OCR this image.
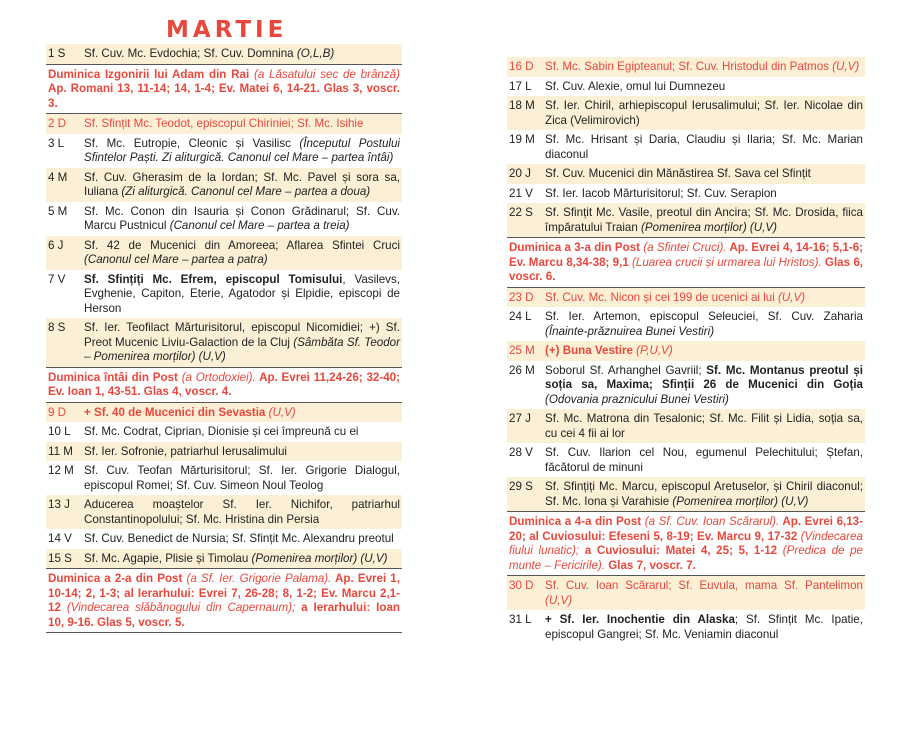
MARTIE
1 S	Sf. Cuv. Mc. Evdochia; Sf. Cuv. Domnina (O,L,B)
Duminica Izgonirii lui Adam din Rai (a Lăsatului sec de brânză) Ap. Romani 13, 11-14; 14, 1-4; Ev. Matei 6, 14-21. Glas 3, voscr. 3.
2 D	Sf. Sfințit Mc. Teodot, episcopul Chiriniei; Sf. Mc. Isihie
3 L	Sf. Mc. Eutropie, Cleonic și Vasilisc (Începutul Postului Sfintelor Paști. Zi aliturgică. Canonul cel Mare – partea întâi)
4 M	Sf. Cuv. Gherasim de la Iordan; Sf. Mc. Pavel și sora sa, Iuliana (Zi aliturgică. Canonul cel Mare – partea a doua)
5 M	Sf. Mc. Conon din Isauria și Conon Grădinarul; Sf. Cuv. Marcu Pustnicul (Canonul cel Mare – partea a treia)
6 J	Sf. 42 de Mucenici din Amoreea; Aflarea Sfintei Cruci (Canonul cel Mare – partea a patra)
7 V	Sf. Sfințiți Mc. Efrem, episcopul Tomisului, Vasilevs, Evghenie, Capiton, Eterie, Agatodor și Elpidie, episcopi de Herson
8 S	Sf. Ier. Teofilact Mărturisitorul, episcopul Nicomidiei; +) Sf. Preot Mucenic Liviu-Galaction de la Cluj (Sâmbăta Sf. Teodor – Pomenirea morților) (U,V)
Duminica întâi din Post (a Ortodoxiei). Ap. Evrei 11,24-26; 32-40; Ev. Ioan 1, 43-51. Glas 4, voscr. 4.
9 D	+ Sf. 40 de Mucenici din Sevastia (U,V)
10 L	Sf. Mc. Codrat, Ciprian, Dionisie și cei împreună cu ei
11 M Sf. Ier. Sofronie, patriarhul Ierusalimului
12 M Sf. Cuv. Teofan Mărturisitorul; Sf. Ier. Grigorie Dialogul, episcopul Romei; Sf. Cuv. Simeon Noul Teolog
13 J	Aducerea moaștelor Sf. Ier. Nichifor, patriarhul Constantinopolului; Sf. Mc. Hristina din Persia
14 V	Sf. Cuv. Benedict de Nursia; Sf. Sfințit Mc. Alexandru preotul
15 S	Sf. Mc. Agapie, Plisie și Timolau (Pomenirea morților) (U,V)
Duminica a 2-a din Post (a Sf. Ier. Grigorie Palama). Ap. Evrei 1, 10-14; 2, 1-3; al Ierarhului: Evrei 7, 26-28; 8, 1-2; Ev. Marcu 2,1-12 (Vindecarea slăbănogului din Capernaum); a Ierarhului: Ioan 10, 9-16. Glas 5, voscr. 5.
16 D Sf. Mc. Sabin Egipteanul; Sf. Cuv. Hristodul din Patmos (U,V)
17 L	Sf. Cuv. Alexie, omul lui Dumnezeu
18 M Sf. Ier. Chiril, arhiepiscopul Ierusalimului; Sf. Ier. Nicolae din Zica (Velimirovich)
19 M Sf. Mc. Hrisant și Daria, Claudiu și Ilaria; Sf. Mc. Marian diaconul
20 J	Sf. Cuv. Mucenici din Mănăstirea Sf. Sava cel Sfințit
21 V	Sf. Ier. Iacob Mărturisitorul; Sf. Cuv. Serapion
22 S	Sf. Sfințit Mc. Vasile, preotul din Ancira; Sf. Mc. Drosida, fiica împăratului Traian (Pomenirea morților) (U,V)
Duminica a 3-a din Post (a Sfintei Cruci). Ap. Evrei 4, 14-16; 5,1-6; Ev. Marcu 8,34-38; 9,1 (Luarea crucii și urmarea lui Hristos). Glas 6, voscr. 6.
23 D Sf. Cuv. Mc. Nicon și cei 199 de ucenici ai lui (U,V)
24 L	Sf. Ier. Artemon, episcopul Seleuciei, Sf. Cuv. Zaharia (Înainte-prăznuirea Bunei Vestiri)
25 M (+) Buna Vestire (P,U,V)
26 M Soborul Sf. Arhanghel Gavriil; Sf. Mc. Montanus preotul și soția sa, Maxima; Sfinții 26 de Mucenici din Goția (Odovania praznicului Bunei Vestiri)
27 J	Sf. Mc. Matrona din Tesalonic; Sf. Mc. Filit și Lidia, soția sa, cu cei 4 fii ai lor
28 V	Sf. Cuv. Ilarion cel Nou, egumenul Pelechitului; Ștefan, făcătorul de minuni
29 S	Sf. Sfințiți Mc. Marcu, episcopul Aretuselor, și Chiril diaconul; Sf. Mc. Iona și Varahisie (Pomenirea morților) (U,V)
Duminica a 4-a din Post (a Sf. Cuv. Ioan Scărarul). Ap. Evrei 6,13-20; al Cuviosului: Efeseni 5, 8-19; Ev. Marcu 9, 17-32 (Vindecarea fiului lunatic); a Cuviosului: Matei 4, 25; 5, 1-12 (Predica de pe munte – Fericirile). Glas 7, voscr. 7.
30 D Sf. Cuv. Ioan Scărarul; Sf. Euvula, mama Sf. Pantelimon (U,V)
31 L	+ Sf. Ier. Inochentie din Alaska; Sf. Sfințit Mc. Ipatie, episcopul Gangrei; Sf. Mc. Veniamin diaconul
